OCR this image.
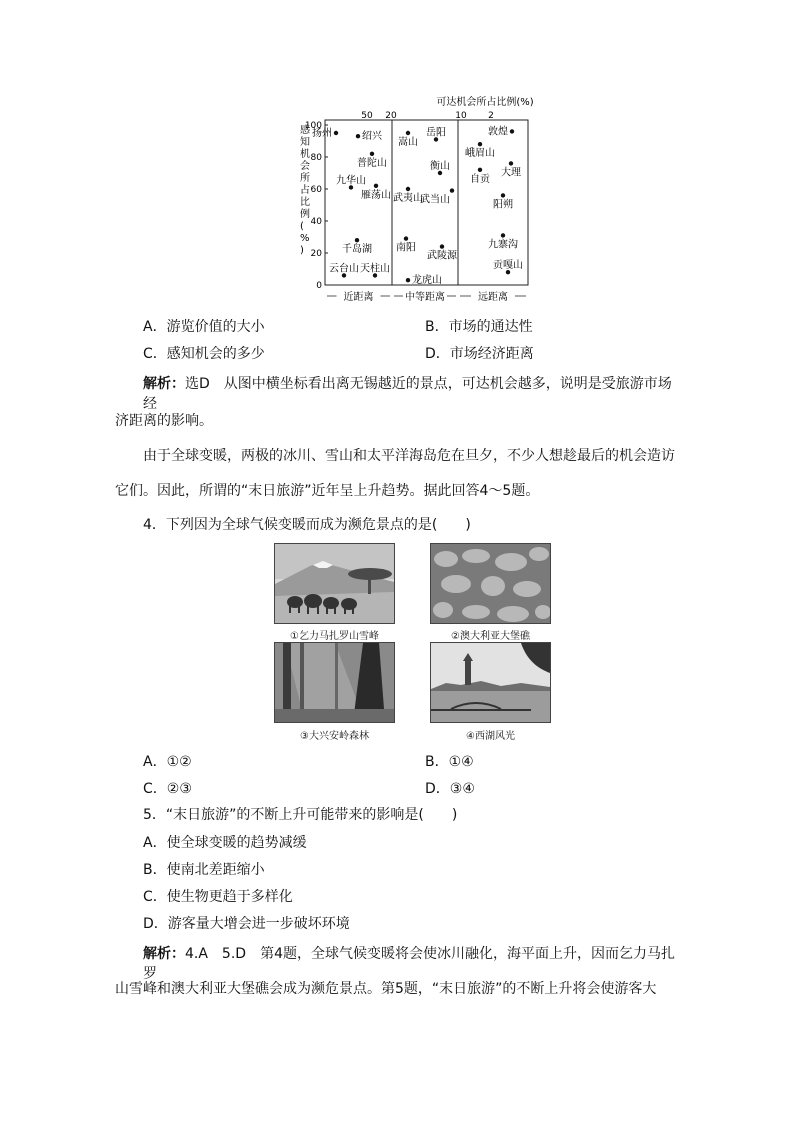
可达机会所占比例(%)
50 20	10 2
感知机会所占比例( % )
100
80
60
40
20
0
近距离	中等距离	远距离
扬州	绍兴
普陀山
九华山
雁荡山
千岛湖
云台山 天柱山
嵩山
岳阳
衡山
武夷山
武当山
南阳
武陵源
龙虎山
敦煌
峨眉山
大理
自贡
阳朔
九寨沟
贡嘎山
A．游览价值的大小	B．市场的通达性
C．感知机会的多少	D．市场经济距离
解析：选D　 从图中横坐标看出离无锡越近的景点，可达机会越多，说明是受旅游市场经
济距离的影响。
由于全球变暖，两极的冰川、雪山和太平洋海岛危在旦夕，不少人想趁最后的机会造访
它们。因此，所谓的“末日旅游”近年呈上升趋势。据此回答4～5题。
4．下列因为全球气候变暖而成为濒危景点的是(　　)
①乞力马扎罗山雪峰	②澳大利亚大堡礁
③大兴安岭森林	④西湖风光
A．①②	B．①④
C．②③	D．③④
5．“末日旅游”的不断上升可能带来的影响是(　　)
A．使全球变暖的趋势减缓
B．使南北差距缩小
C．使生物更趋于多样化
D．游客量大增会进一步破坏环境
解析：4.A　5.D　 第4题，全球气候变暖将会使冰川融化，海平面上升，因而乞力马扎罗
山雪峰和澳大利亚大堡礁会成为濒危景点。第5题，“末日旅游”的不断上升将会使游客大
